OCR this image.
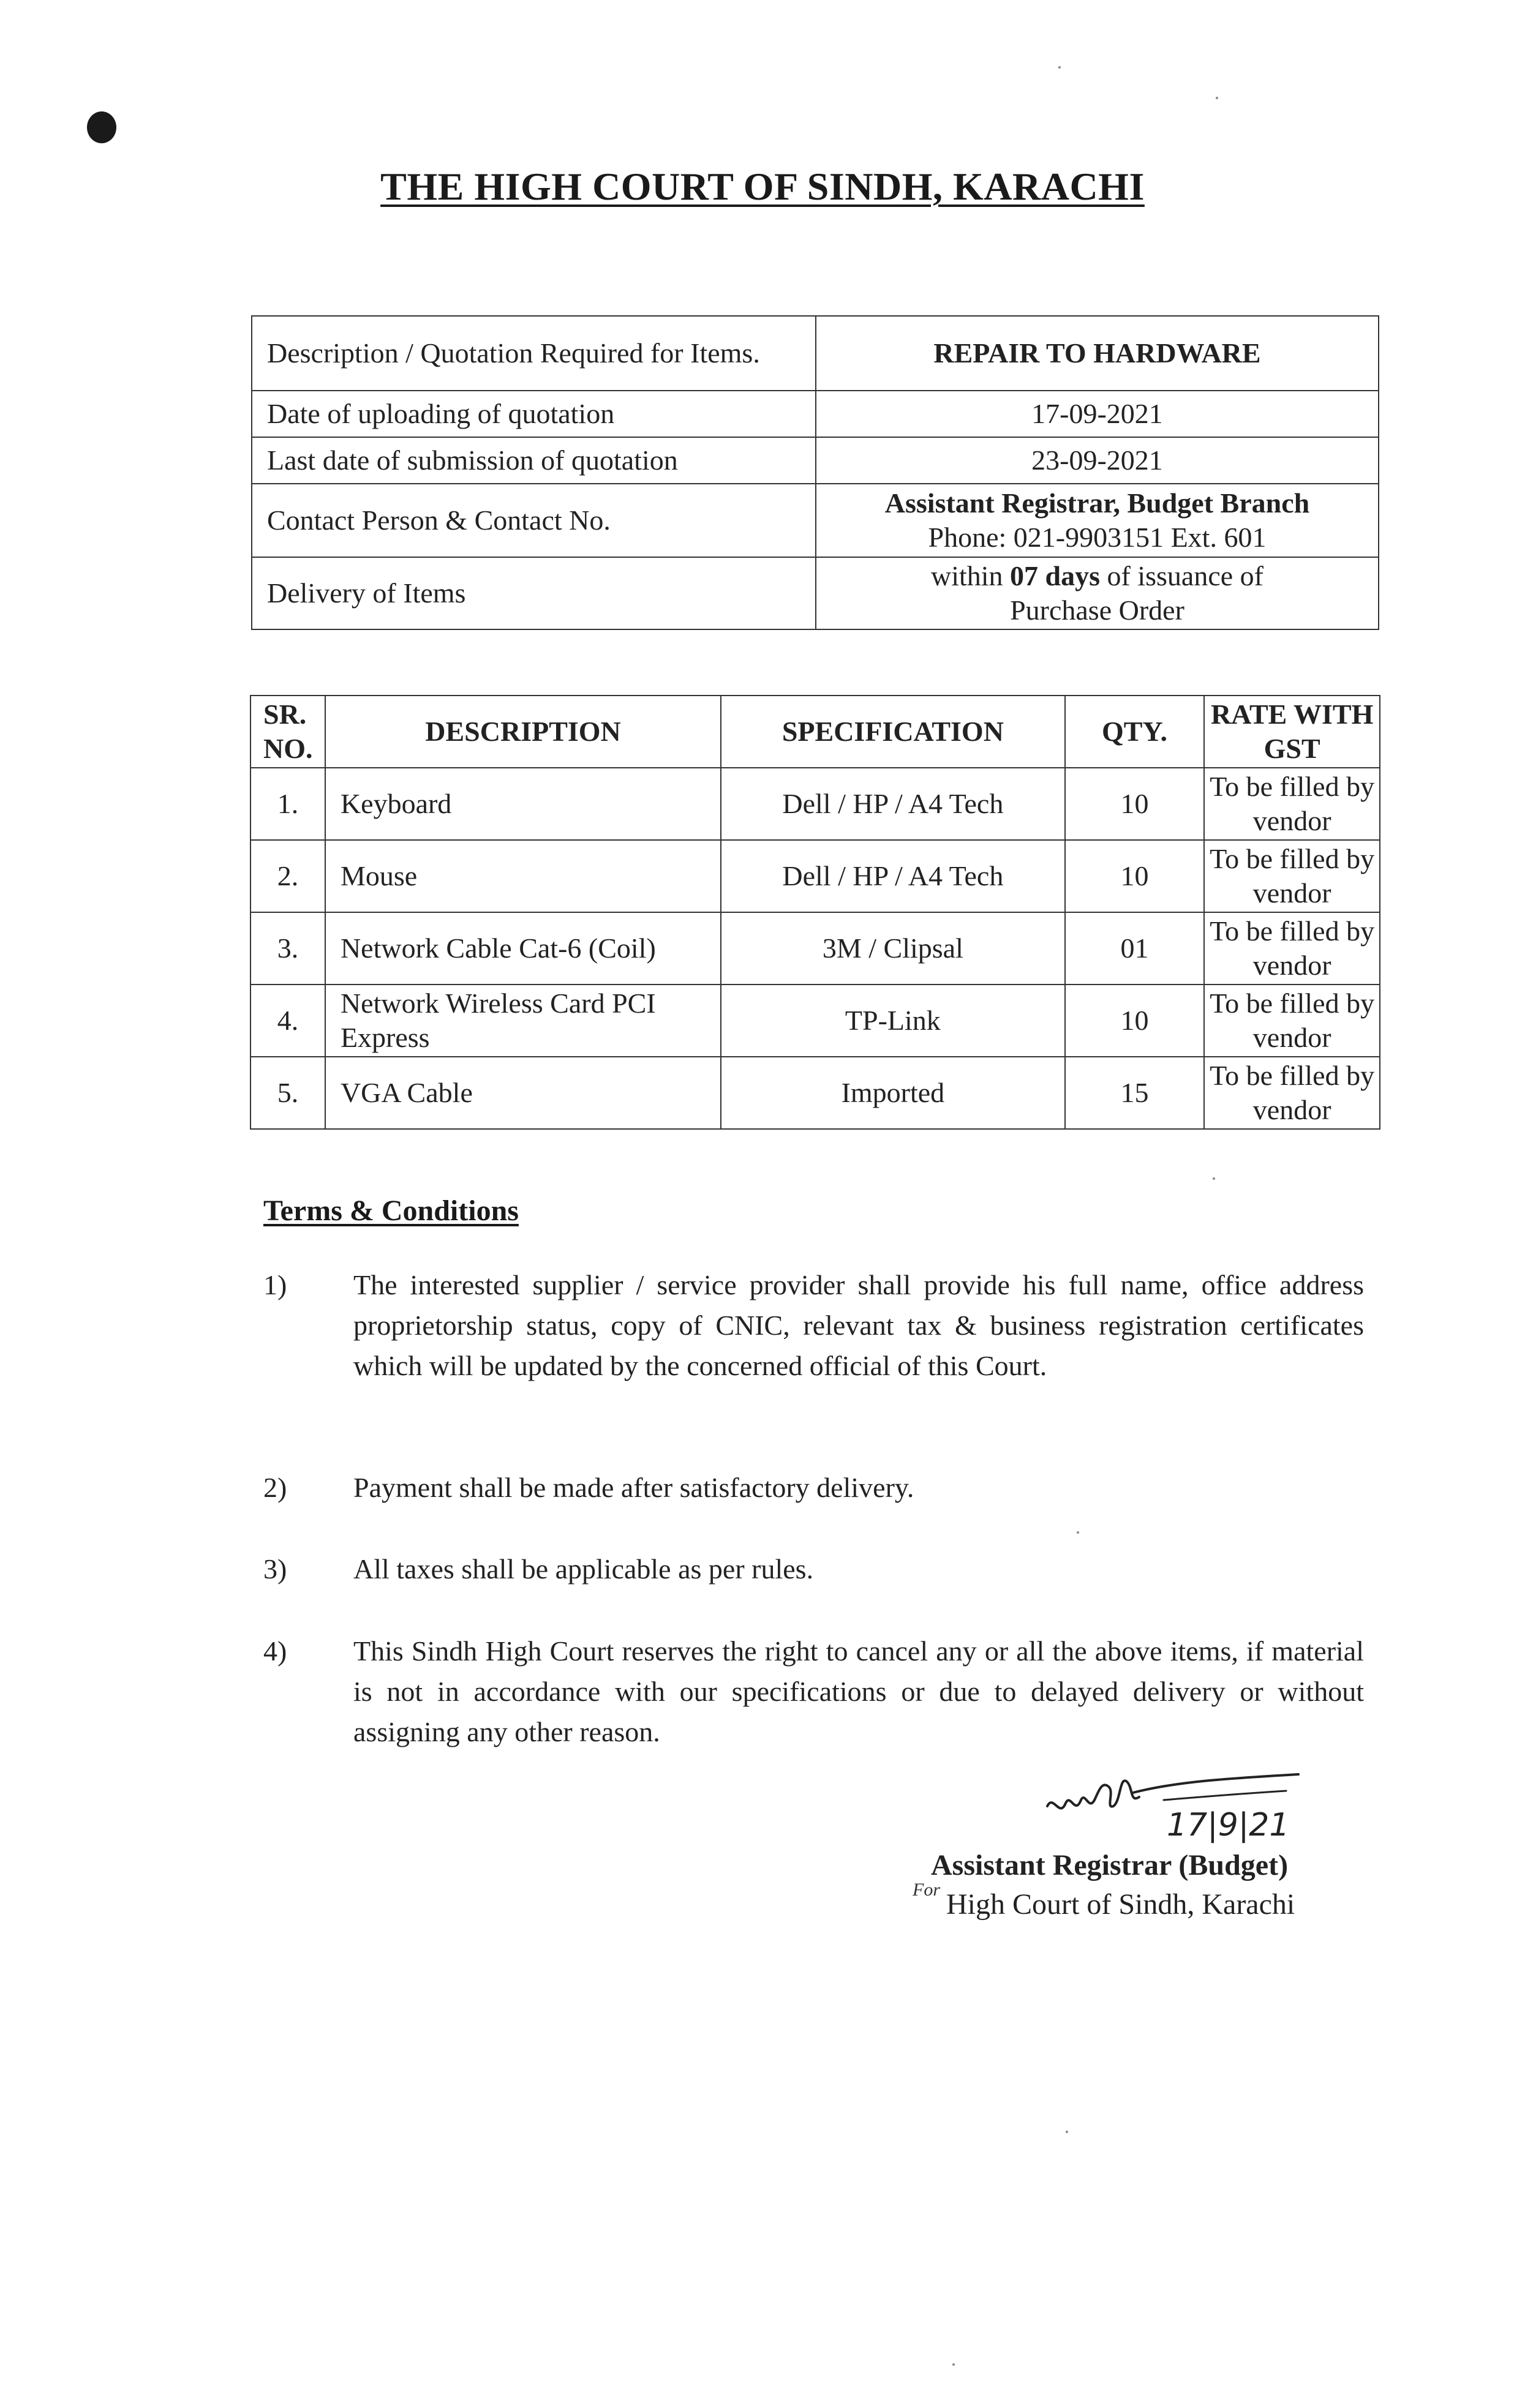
THE HIGH COURT OF SINDH, KARACHI
Description / Quotation Required for Items.	REPAIR TO HARDWARE
Date of uploading of quotation	17-09-2021
Last date of submission of quotation	23-09-2021
Contact Person & Contact No.	Assistant Registrar, Budget Branch
Phone: 021-9903151 Ext. 601

Delivery of Items	within 07 days of issuance of
Purchase Order
SR. NO.	DESCRIPTION	SPECIFICATION	QTY.	RATE WITH GST
1.	Keyboard	Dell / HP / A4 Tech	10	To be filled by vendor
2.	Mouse	Dell / HP / A4 Tech	10	To be filled by vendor
3.	Network Cable Cat-6 (Coil)	3M / Clipsal	01	To be filled by vendor
4.	Network Wireless Card PCI Express	TP-Link	10	To be filled by vendor
5.	VGA Cable	Imported	15	To be filled by vendor
Terms & Conditions
1) The interested supplier / service provider shall provide his full name, office address proprietorship status, copy of CNIC, relevant tax & business registration certificates which will be updated by the concerned official of this Court.
2) Payment shall be made after satisfactory delivery.
3) All taxes shall be applicable as per rules.
4) This Sindh High Court reserves the right to cancel any or all the above items, if material is not in accordance with our specifications or due to delayed delivery or without assigning any other reason.
17|9|21
For
Assistant Registrar (Budget)
High Court of Sindh, Karachi
